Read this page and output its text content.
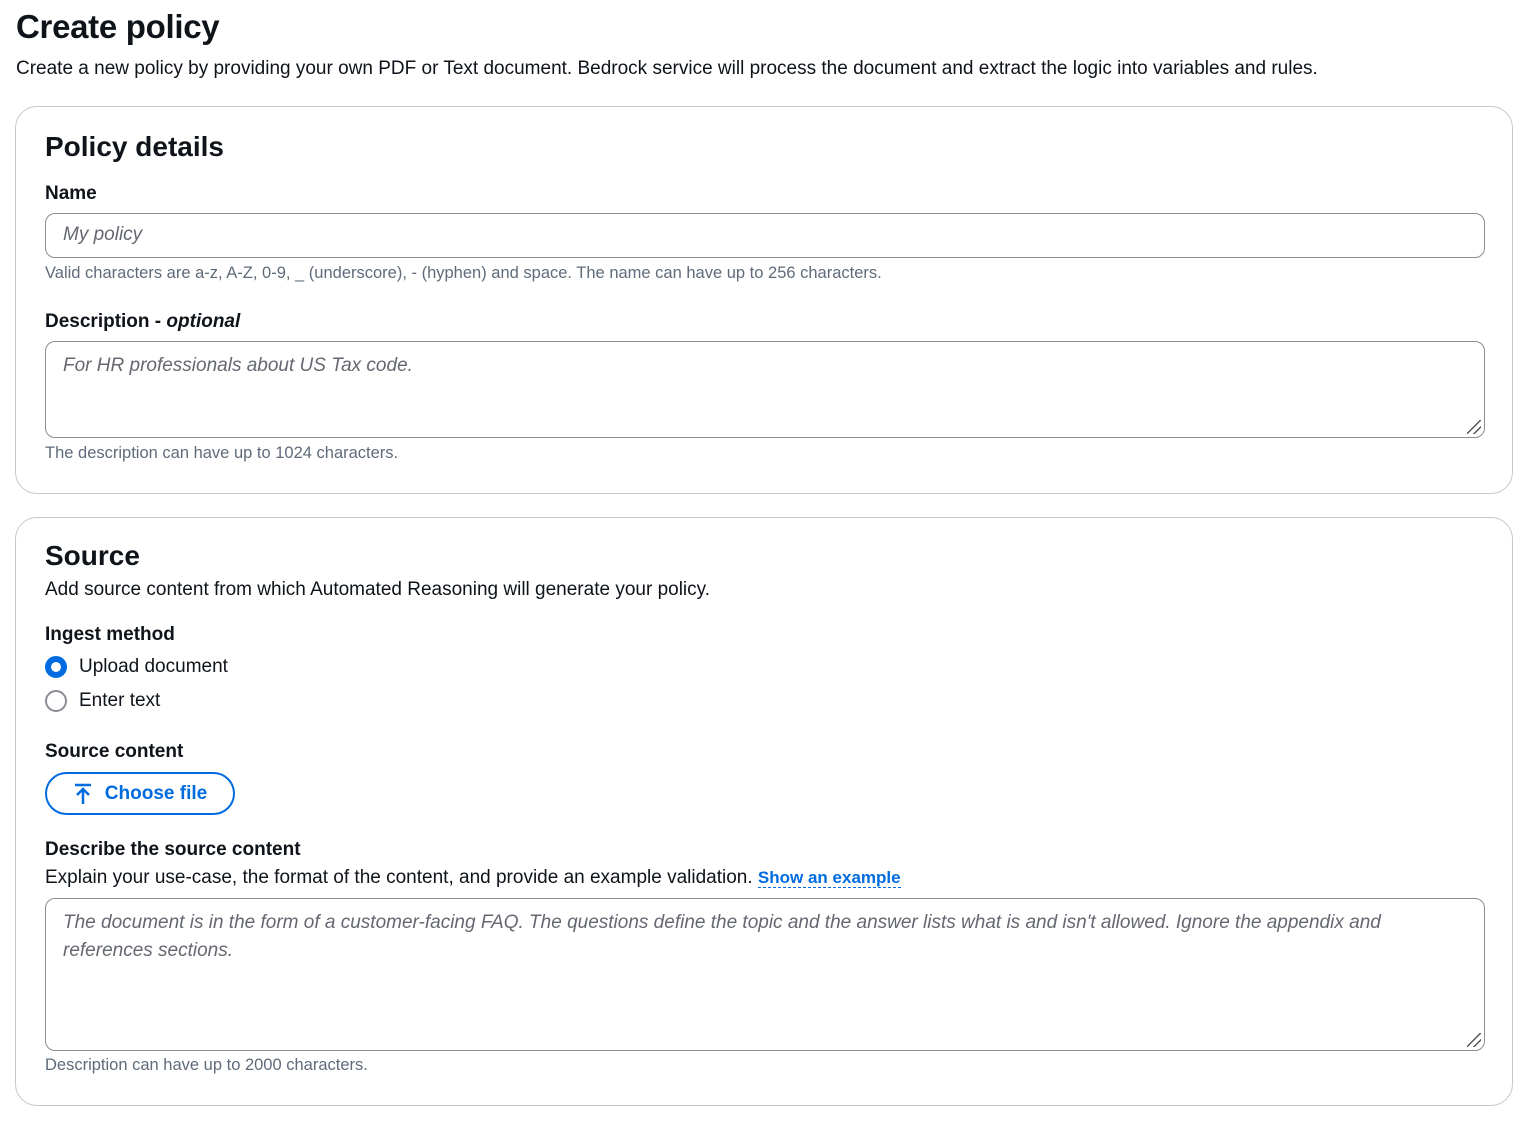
Create policy
Create a new policy by providing your own PDF or Text document. Bedrock service will process the document and extract the logic into variables and rules.
Policy details
Name
My policy
Valid characters are a-z, A-Z, 0-9, _ (underscore), - (hyphen) and space. The name can have up to 256 characters.
Description - optional
For HR professionals about US Tax code.
The description can have up to 1024 characters.
Source
Add source content from which Automated Reasoning will generate your policy.
Ingest method
Upload document
Enter text
Source content
Choose file
Describe the source content
Explain your use-case, the format of the content, and provide an example validation. Show an example
The document is in the form of a customer-facing FAQ. The questions define the topic and the answer lists what is and isn't allowed. Ignore the appendix and references sections.
Description can have up to 2000 characters.
